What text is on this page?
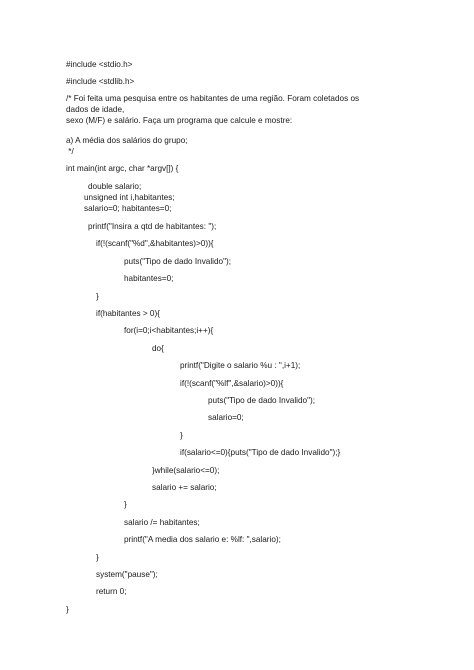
#include <stdio.h>
#include <stdlib.h>
/* Foi feita uma pesquisa entre os habitantes de uma região. Foram coletados os
dados de idade,
sexo (M/F) e salário. Faça um programa que calcule e mostre:
a) A média dos salários do grupo;
*/
int main(int argc, char *argv[]) {
double salario;
unsigned int i,habitantes;
salario=0; habitantes=0;
printf("Insira a qtd de habitantes: ");
if(!(scanf("%d",&habitantes)>0)){
puts("Tipo de dado Invalido");
habitantes=0;
}
if(habitantes > 0){
for(i=0;i<habitantes;i++){
do{
printf("Digite o salario %u : ",i+1);
if(!(scanf("%lf",&salario)>0)){
puts("Tipo de dado Invalido");
salario=0;
}
if(salario<=0){puts("Tipo de dado Invalido");}
}while(salario<=0);
salario += salario;
}
salario /= habitantes;
printf("A media dos salario e: %lf: ",salario);
}
system("pause");
return 0;
}
